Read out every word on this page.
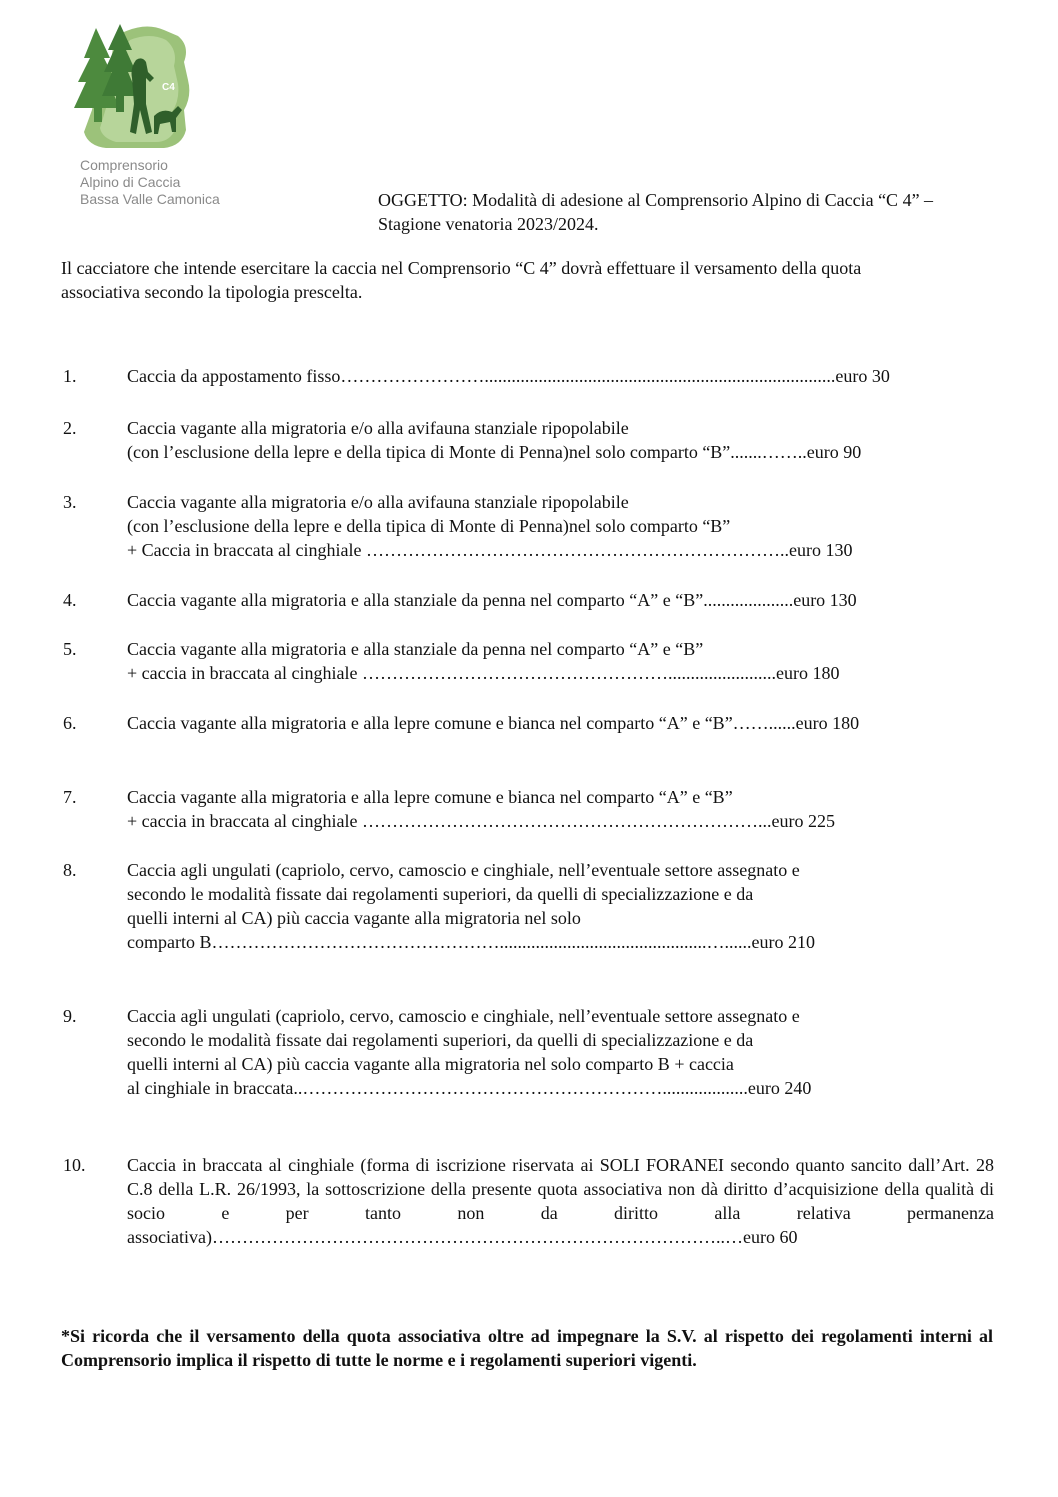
C4
Comprensorio
Alpino di Caccia
Bassa Valle Camonica	OGGETTO: Modalità di adesione al Comprensorio Alpino di Caccia “C 4” –
Stagione venatoria 2023/2024.
Il cacciatore che intende esercitare la caccia nel Comprensorio “C 4” dovrà effettuare il versamento della quota
associativa secondo la tipologia prescelta.
1.	Caccia da appostamento fisso……………………..............................................................................euro 30
2.	Caccia vagante alla migratoria e/o alla avifauna stanziale ripopolabile
(con l’esclusione della lepre e della tipica di Monte di Penna)nel solo comparto “B”.......……..euro 90
3.	Caccia vagante alla migratoria e/o alla avifauna stanziale ripopolabile
(con l’esclusione della lepre e della tipica di Monte di Penna)nel solo comparto “B”
+ Caccia in braccata al cinghiale ……………………………………………………………..euro 130
4.	Caccia vagante alla migratoria e alla stanziale da penna nel comparto “A” e “B”....................euro 130
5.	Caccia vagante alla migratoria e alla stanziale da penna nel comparto “A” e “B”
+ caccia in braccata al cinghiale ……………………………………………........................euro 180
6.	Caccia vagante alla migratoria e alla lepre comune e bianca nel comparto “A” e “B”……......euro 180
7.	Caccia vagante alla migratoria e alla lepre comune e bianca nel comparto “A” e “B”
+ caccia in braccata al cinghiale …………………………………………………………...euro 225
8.	Caccia agli ungulati (capriolo, cervo, camoscio e cinghiale, nell’eventuale settore assegnato e
secondo le modalità fissate dai regolamenti superiori, da quelli di specializzazione e da
quelli interni al CA) più caccia vagante alla migratoria nel solo
comparto B…………………………………………..............................................…......euro 210
9.	Caccia agli ungulati (capriolo, cervo, camoscio e cinghiale, nell’eventuale settore assegnato e
secondo le modalità fissate dai regolamenti superiori, da quelli di specializzazione e da
quelli interni al CA) più caccia vagante alla migratoria nel solo comparto B + caccia
al cinghiale in braccata..……………………………………………………...................euro 240
10. Caccia in braccata al cinghiale (forma di iscrizione riservata ai SOLI FORANEI secondo quanto sancito dall’Art. 28 C.8 della L.R. 26/1993, la sottoscrizione della presente quota associativa non dà diritto d’acquisizione della qualità di socio e per tanto non da diritto alla relativa permanenza associativa)…………………………………………………………………………..…euro 60
*Si ricorda che il versamento della quota associativa oltre ad impegnare la S.V. al rispetto dei regolamenti interni al Comprensorio implica il rispetto di tutte le norme e i regolamenti superiori vigenti.
